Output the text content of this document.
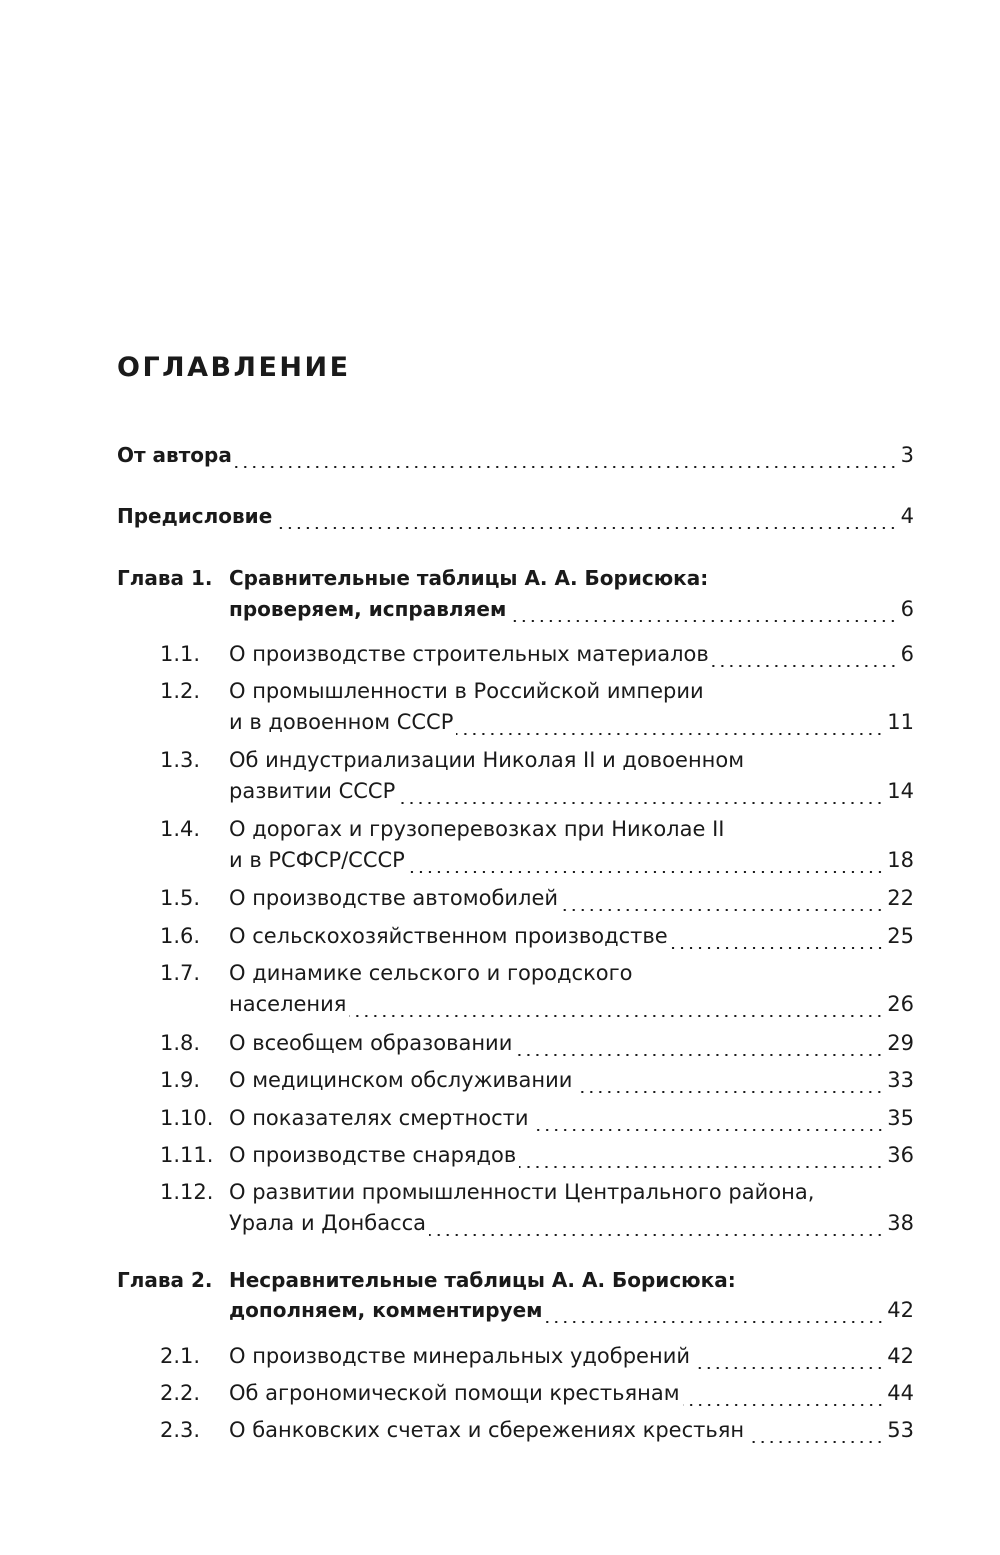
ОГЛАВЛЕНИЕ
От автора	3
Предисловие	4
Глава 1. Сравнительные таблицы А. А. Борисюка:
проверяем, исправляем	6
1.1. О производстве строительных материалов	6
1.2. О промышленности в Российской империи
и в довоенном СССР	11
1.3. Об индустриализации Николая II и довоенном
развитии СССР	14
1.4. О дорогах и грузоперевозках при Николае II
и в РСФСР/СССР	18
1.5. О производстве автомобилей	22
1.6. О сельскохозяйственном производстве	25
1.7. О динамике сельского и городского
населения	26
1.8. О всеобщем образовании	29
1.9. О медицинском обслуживании	33
1.10. О показателях смертности	35
1.11. О производстве снарядов	36
1.12. О развитии промышленности Центрального района,
Урала и Донбасса	38
Глава 2. Несравнительные таблицы А. А. Борисюка:
дополняем, комментируем	42
2.1. О производстве минеральных удобрений	42
2.2. Об агрономической помощи крестьянам	44
2.3. О банковских счетах и сбережениях крестьян	53
